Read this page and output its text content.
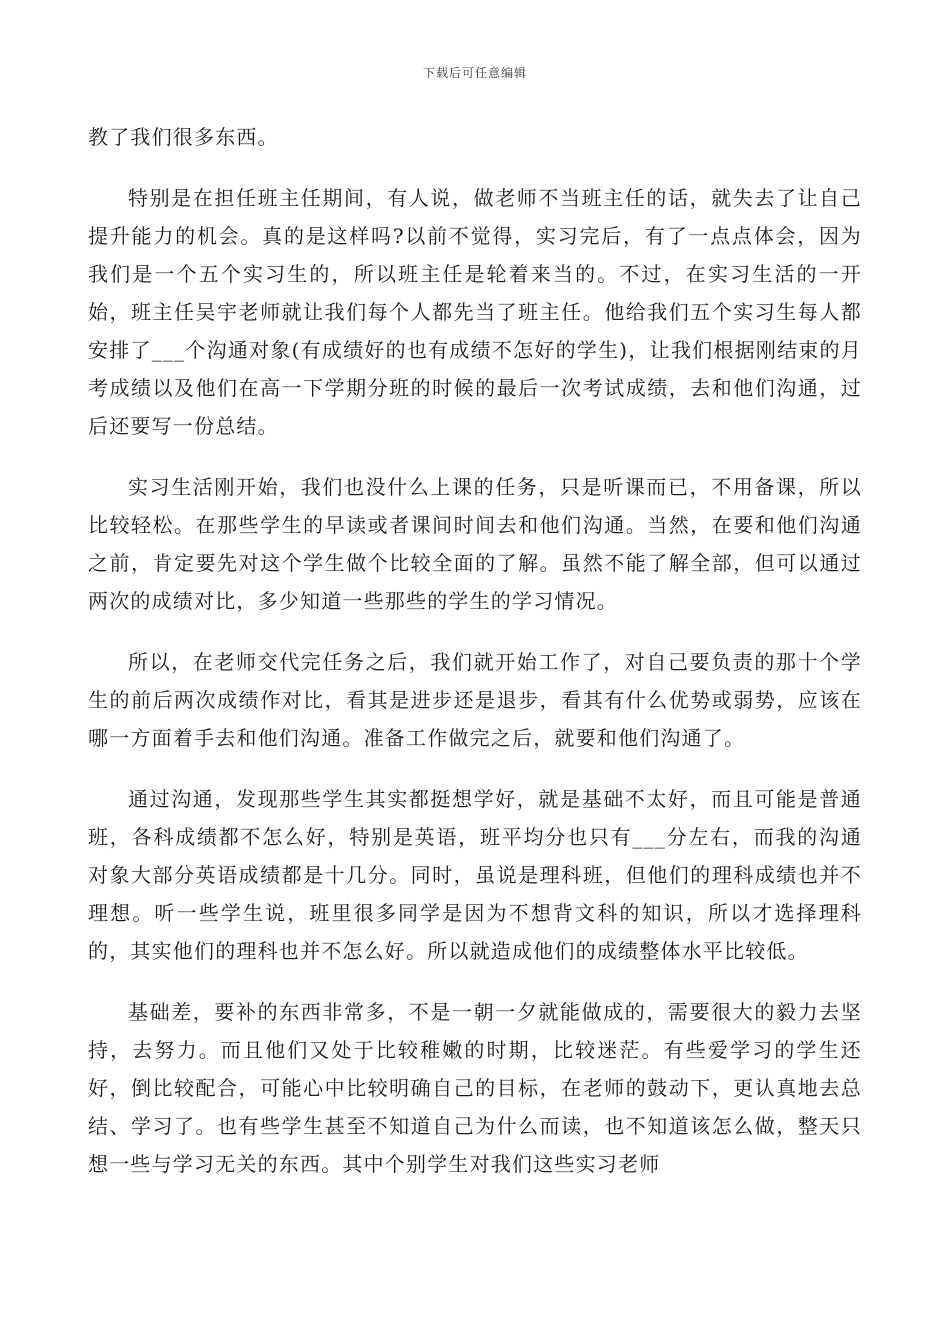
下载后可任意编辑

教了我们很多东西。

特别是在担任班主任期间，有人说，做老师不当班主任的话，就失去了让自己提升能力的机会。真的是这样吗?以前不觉得，实习完后，有了一点点体会，因为我们是一个五个实习生的，所以班主任是轮着来当的。不过，在实习生活的一开始，班主任吴宇老师就让我们每个人都先当了班主任。他给我们五个实习生每人都安排了___个沟通对象(有成绩好的也有成绩不怎好的学生)，让我们根据刚结束的月考成绩以及他们在高一下学期分班的时候的最后一次考试成绩，去和他们沟通，过后还要写一份总结。

实习生活刚开始，我们也没什么上课的任务，只是听课而已，不用备课，所以比较轻松。在那些学生的早读或者课间时间去和他们沟通。当然，在要和他们沟通之前，肯定要先对这个学生做个比较全面的了解。虽然不能了解全部，但可以通过两次的成绩对比，多少知道一些那些的学生的学习情况。

所以，在老师交代完任务之后，我们就开始工作了，对自己要负责的那十个学生的前后两次成绩作对比，看其是进步还是退步，看其有什么优势或弱势，应该在哪一方面着手去和他们沟通。准备工作做完之后，就要和他们沟通了。

通过沟通，发现那些学生其实都挺想学好，就是基础不太好，而且可能是普通班，各科成绩都不怎么好，特别是英语，班平均分也只有___分左右，而我的沟通对象大部分英语成绩都是十几分。同时，虽说是理科班，但他们的理科成绩也并不理想。听一些学生说，班里很多同学是因为不想背文科的知识，所以才选择理科的，其实他们的理科也并不怎么好。所以就造成他们的成绩整体水平比较低。

基础差，要补的东西非常多，不是一朝一夕就能做成的，需要很大的毅力去坚持，去努力。而且他们又处于比较稚嫩的时期，比较迷茫。有些爱学习的学生还好，倒比较配合，可能心中比较明确自己的目标，在老师的鼓动下，更认真地去总结、学习了。也有些学生甚至不知道自己为什么而读，也不知道该怎么做，整天只想一些与学习无关的东西。其中个别学生对我们这些实习老师
